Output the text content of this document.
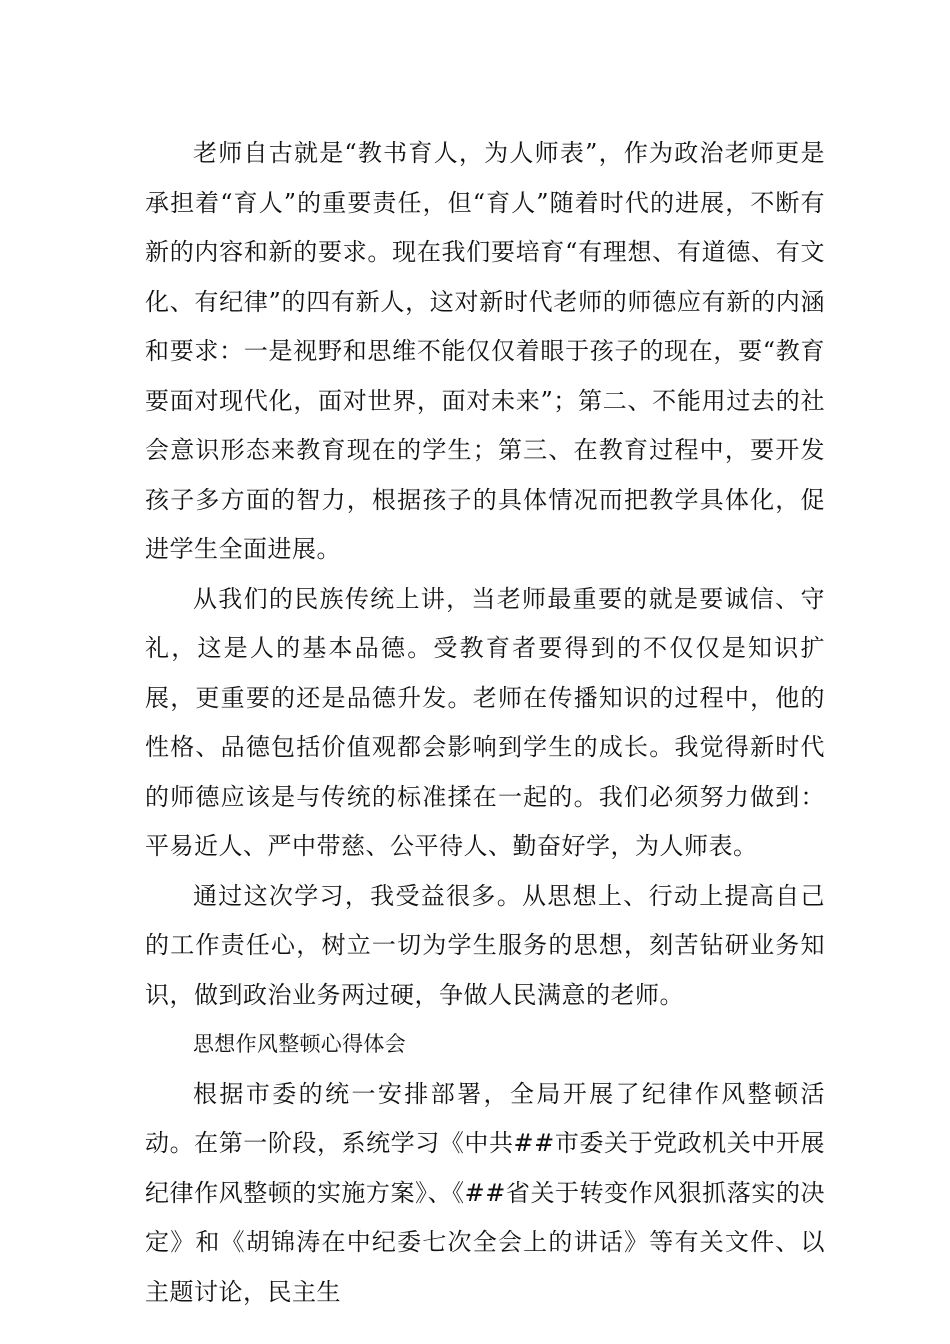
老师自古就是“教书育人，为人师表”，作为政治老师更是承担着“育人”的重要责任，但“育人”随着时代的进展，不断有新的内容和新的要求。现在我们要培育“有理想、有道德、有文化、有纪律”的四有新人，这对新时代老师的师德应有新的内涵和要求：一是视野和思维不能仅仅着眼于孩子的现在，要“教育要面对现代化，面对世界，面对未来”；第二、不能用过去的社会意识形态来教育现在的学生；第三、在教育过程中，要开发孩子多方面的智力，根据孩子的具体情况而把教学具体化，促进学生全面进展。

从我们的民族传统上讲，当老师最重要的就是要诚信、守礼，这是人的基本品德。受教育者要得到的不仅仅是知识扩展，更重要的还是品德升发。老师在传播知识的过程中，他的性格、品德包括价值观都会影响到学生的成长。我觉得新时代的师德应该是与传统的标准揉在一起的。我们必须努力做到：平易近人、严中带慈、公平待人、勤奋好学，为人师表。

通过这次学习，我受益很多。从思想上、行动上提高自己的工作责任心，树立一切为学生服务的思想，刻苦钻研业务知识，做到政治业务两过硬，争做人民满意的老师。

思想作风整顿心得体会

根据市委的统一安排部署，全局开展了纪律作风整顿活动。在第一阶段，系统学习《中共##市委关于党政机关中开展纪律作风整顿的实施方案》、《##省关于转变作风狠抓落实的决定》和《胡锦涛在中纪委七次全会上的讲话》等有关文件、以主题讨论，民主生
